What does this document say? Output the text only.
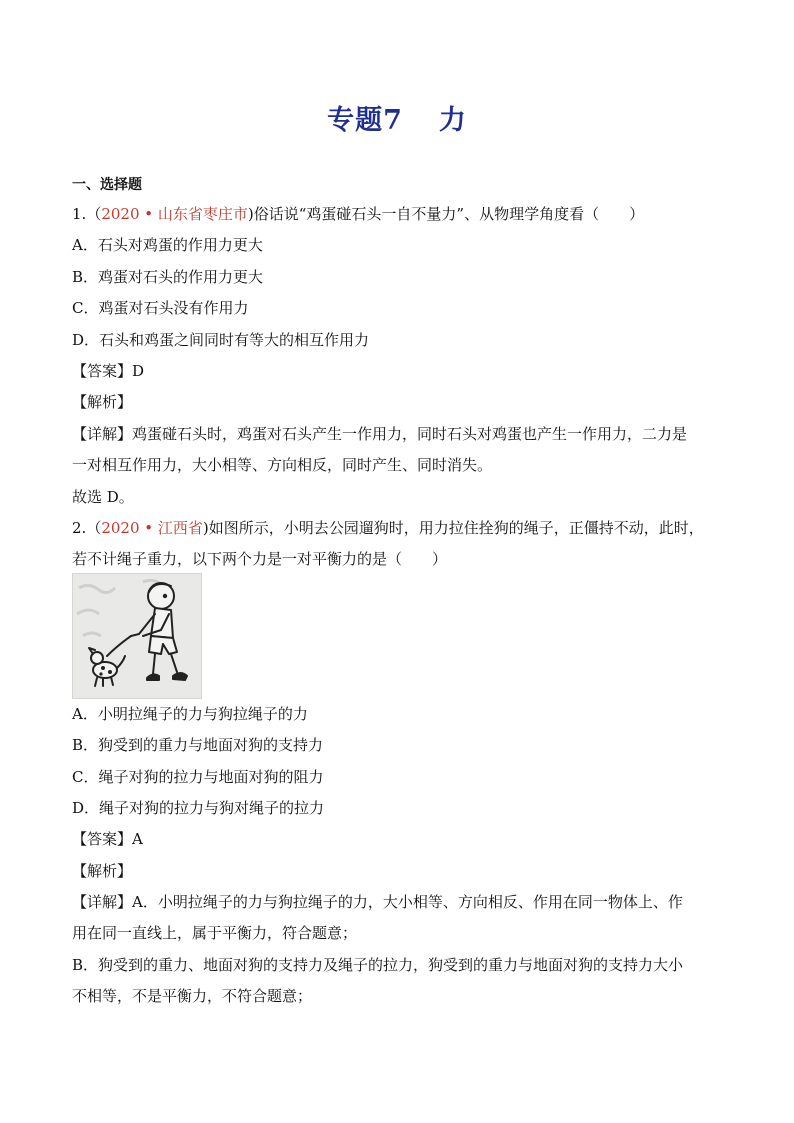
专题7 力
一、选择题
1.（2020 • 山东省枣庄市)俗话说“鸡蛋碰石头一自不量力”、从物理学角度看（　　）
A．石头对鸡蛋的作用力更大
B．鸡蛋对石头的作用力更大
C．鸡蛋对石头没有作用力
D．石头和鸡蛋之间同时有等大的相互作用力
【答案】D
【解析】
【详解】鸡蛋碰石头时，鸡蛋对石头产生一作用力，同时石头对鸡蛋也产生一作用力，二力是
一对相互作用力，大小相等、方向相反，同时产生、同时消失。
故选 D。
2.（2020 • 江西省)如图所示，小明去公园遛狗时，用力拉住拴狗的绳子，正僵持不动，此时，
若不计绳子重力，以下两个力是一对平衡力的是（　　）
A．小明拉绳子的力与狗拉绳子的力
B．狗受到的重力与地面对狗的支持力
C．绳子对狗的拉力与地面对狗的阻力
D．绳子对狗的拉力与狗对绳子的拉力
【答案】A
【解析】
【详解】A．小明拉绳子的力与狗拉绳子的力，大小相等、方向相反、作用在同一物体上、作
用在同一直线上，属于平衡力，符合题意；
B．狗受到的重力、地面对狗的支持力及绳子的拉力，狗受到的重力与地面对狗的支持力大小
不相等，不是平衡力，不符合题意；
